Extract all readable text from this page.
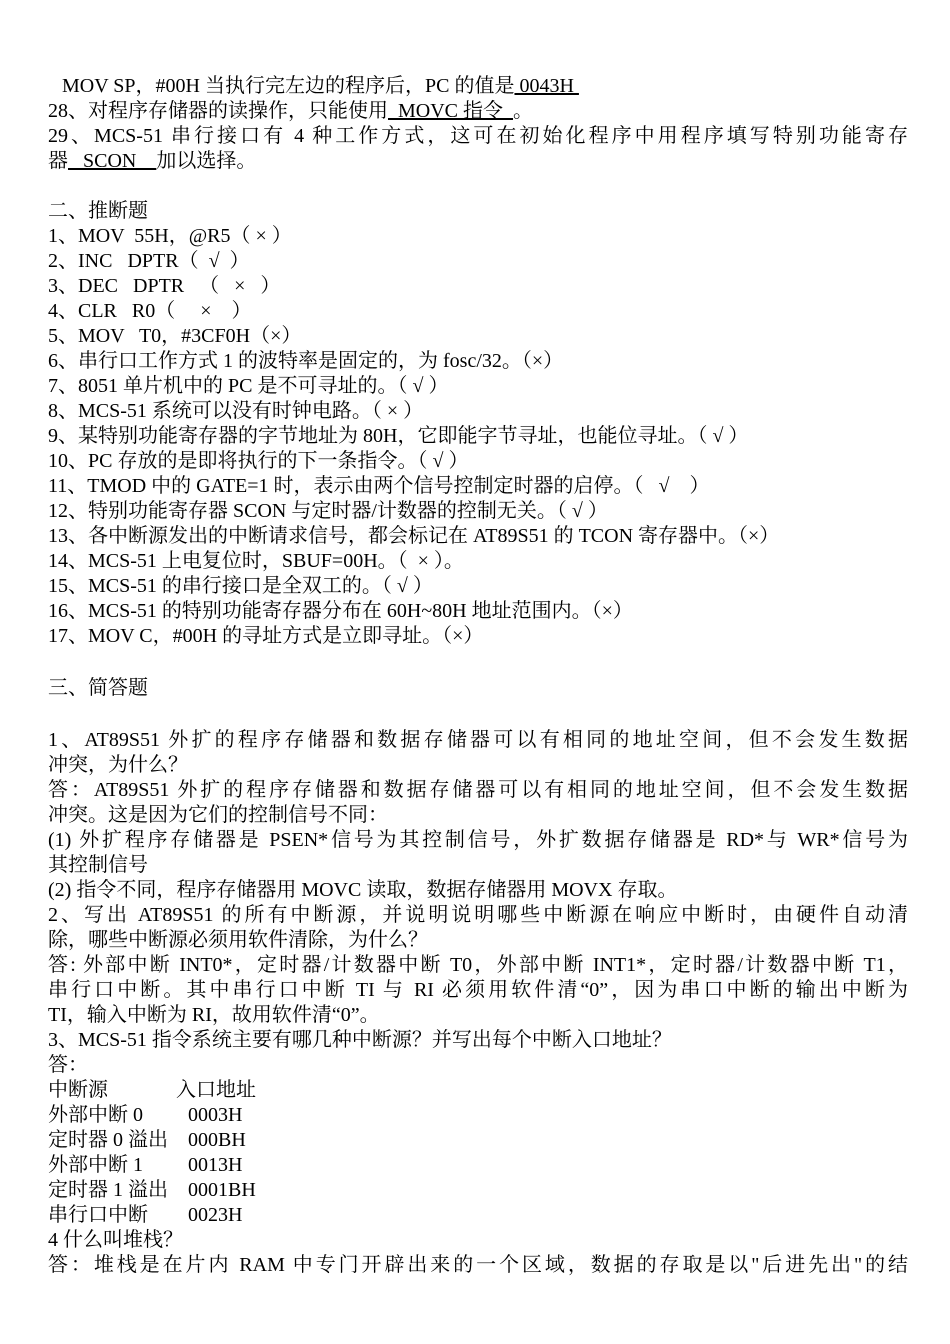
MOV SP，#00H 当执行完左边的程序后，PC 的值是 0043H
28、对程序存储器的读操作，只能使用  MOVC 指令  。
29、MCS-51 串行接口有 4 种工作方式，这可在初始化程序中用程序填写特别功能寄存
器   SCON    加以选择。
二、推断题
1、MOV  55H，@R5（ × ）
2、INC   DPTR（  √  ）
3、DEC   DPTR   （   ×   ）
4、CLR   R0（     ×    ）
5、MOV   T0，#3CF0H（×）
6、串行口工作方式 1 的波特率是固定的，为 fosc/32。（×）
7、8051 单片机中的 PC 是不可寻址的。（ √ ）
8、MCS-51 系统可以没有时钟电路。（ × ）
9、某特别功能寄存器的字节地址为 80H，它即能字节寻址，也能位寻址。（ √ ）
10、PC 存放的是即将执行的下一条指令。（ √ ）
11、TMOD 中的 GATE=1 时，表示由两个信号控制定时器的启停。（   √    ）
12、特别功能寄存器 SCON 与定时器/计数器的控制无关。（ √ ）
13、各中断源发出的中断请求信号，都会标记在 AT89S51 的 TCON 寄存器中。（×）
14、MCS-51 上电复位时，SBUF=00H。（  × ）。
15、MCS-51 的串行接口是全双工的。（ √ ）
16、MCS-51 的特别功能寄存器分布在 60H~80H 地址范围内。（×）
17、MOV C，#00H 的寻址方式是立即寻址。（×）
三、简答题
1、AT89S51 外扩的程序存储器和数据存储器可以有相同的地址空间，但不会发生数据
冲突，为什么？
答：AT89S51 外扩的程序存储器和数据存储器可以有相同的地址空间，但不会发生数据
冲突。这是因为它们的控制信号不同：
(1) 外扩程序存储器是 PSEN*信号为其控制信号，外扩数据存储器是 RD*与 WR*信号为
其控制信号
(2) 指令不同，程序存储器用 MOVC 读取，数据存储器用 MOVX 存取。
2、写出 AT89S51 的所有中断源，并说明说明哪些中断源在响应中断时，由硬件自动清
除，哪些中断源必须用软件清除，为什么？
答: 外部中断 INT0*，定时器/计数器中断 T0，外部中断 INT1*，定时器/计数器中断 T1，
串行口中断。其中串行口中断 TI 与 RI 必须用软件清“0”，因为串口中断的输出中断为
TI，输入中断为 RI，故用软件清“0”。
3、MCS-51 指令系统主要有哪几种中断源？并写出每个中断入口地址？
答：
中断源	入口地址
外部中断 0 0003H
定时器 0 溢出 000BH
外部中断 1 0013H
定时器 1 溢出 0001BH
串行口中断 0023H
4 什么叫堆栈？
答：堆栈是在片内 RAM 中专门开辟出来的一个区域，数据的存取是以"后进先出"的结
